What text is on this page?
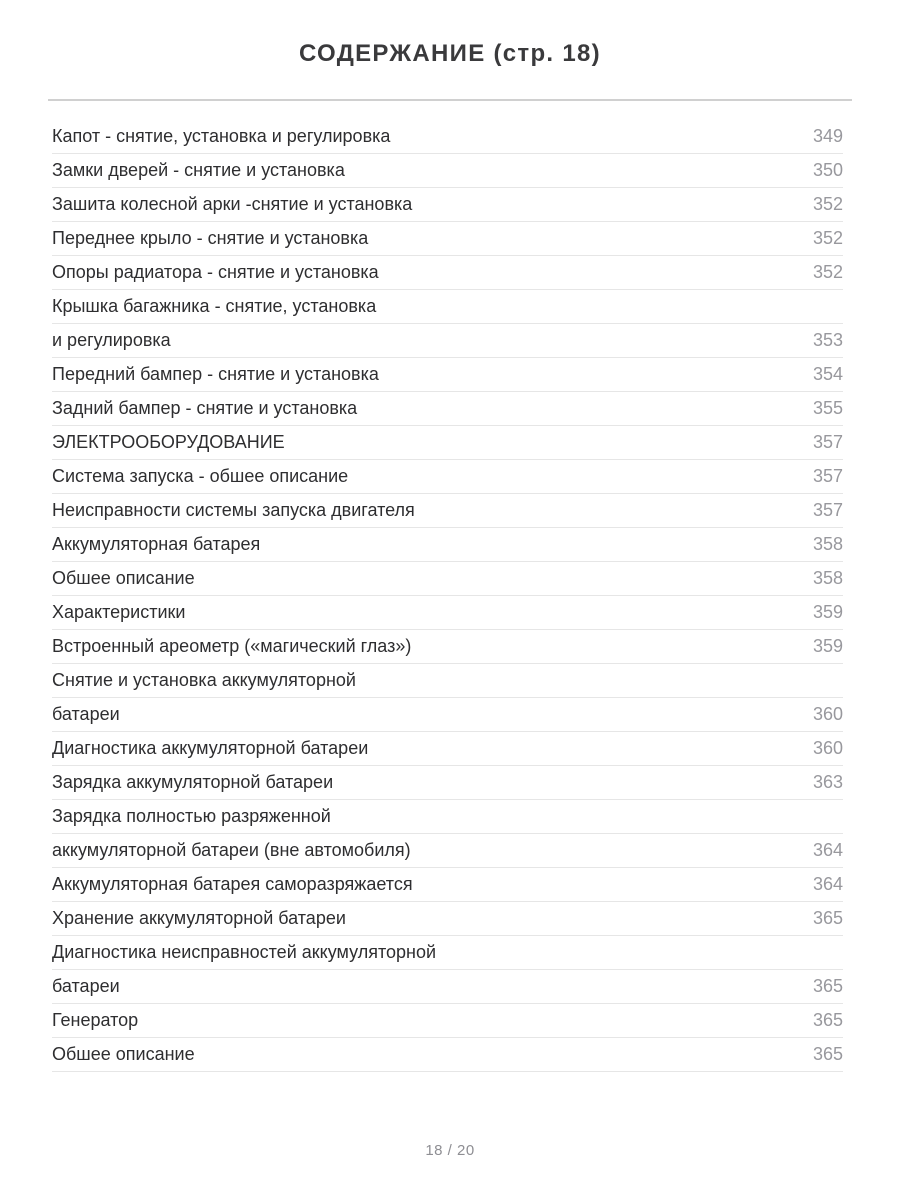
СОДЕРЖАНИЕ (стр. 18)
Капот - снятие, установка и регулировка	349
Замки дверей - снятие и установка	350
Зашита колесной арки -снятие и установка	352
Переднее крыло - снятие и установка	352
Опоры радиатора - снятие и установка	352
Крышка багажника - снятие, установка
и регулировка	353
Передний бампер - снятие и установка	354
Задний бампер - снятие и установка	355
ЭЛЕКТРООБОРУДОВАНИЕ	357
Система запуска - обшее описание	357
Неисправности системы запуска двигателя	357
Аккумуляторная батарея	358
Обшее описание	358
Характеристики	359
Встроенный ареометр («магический глаз»)	359
Снятие и установка аккумуляторной
батареи	360
Диагностика аккумуляторной батареи	360
Зарядка аккумуляторной батареи	363
Зарядка полностью разряженной
аккумуляторной батареи (вне автомобиля)	364
Аккумуляторная батарея саморазряжается	364
Хранение аккумуляторной батареи	365
Диагностика неисправностей аккумуляторной
батареи	365
Генератор	365
Обшее описание	365
18 / 20
